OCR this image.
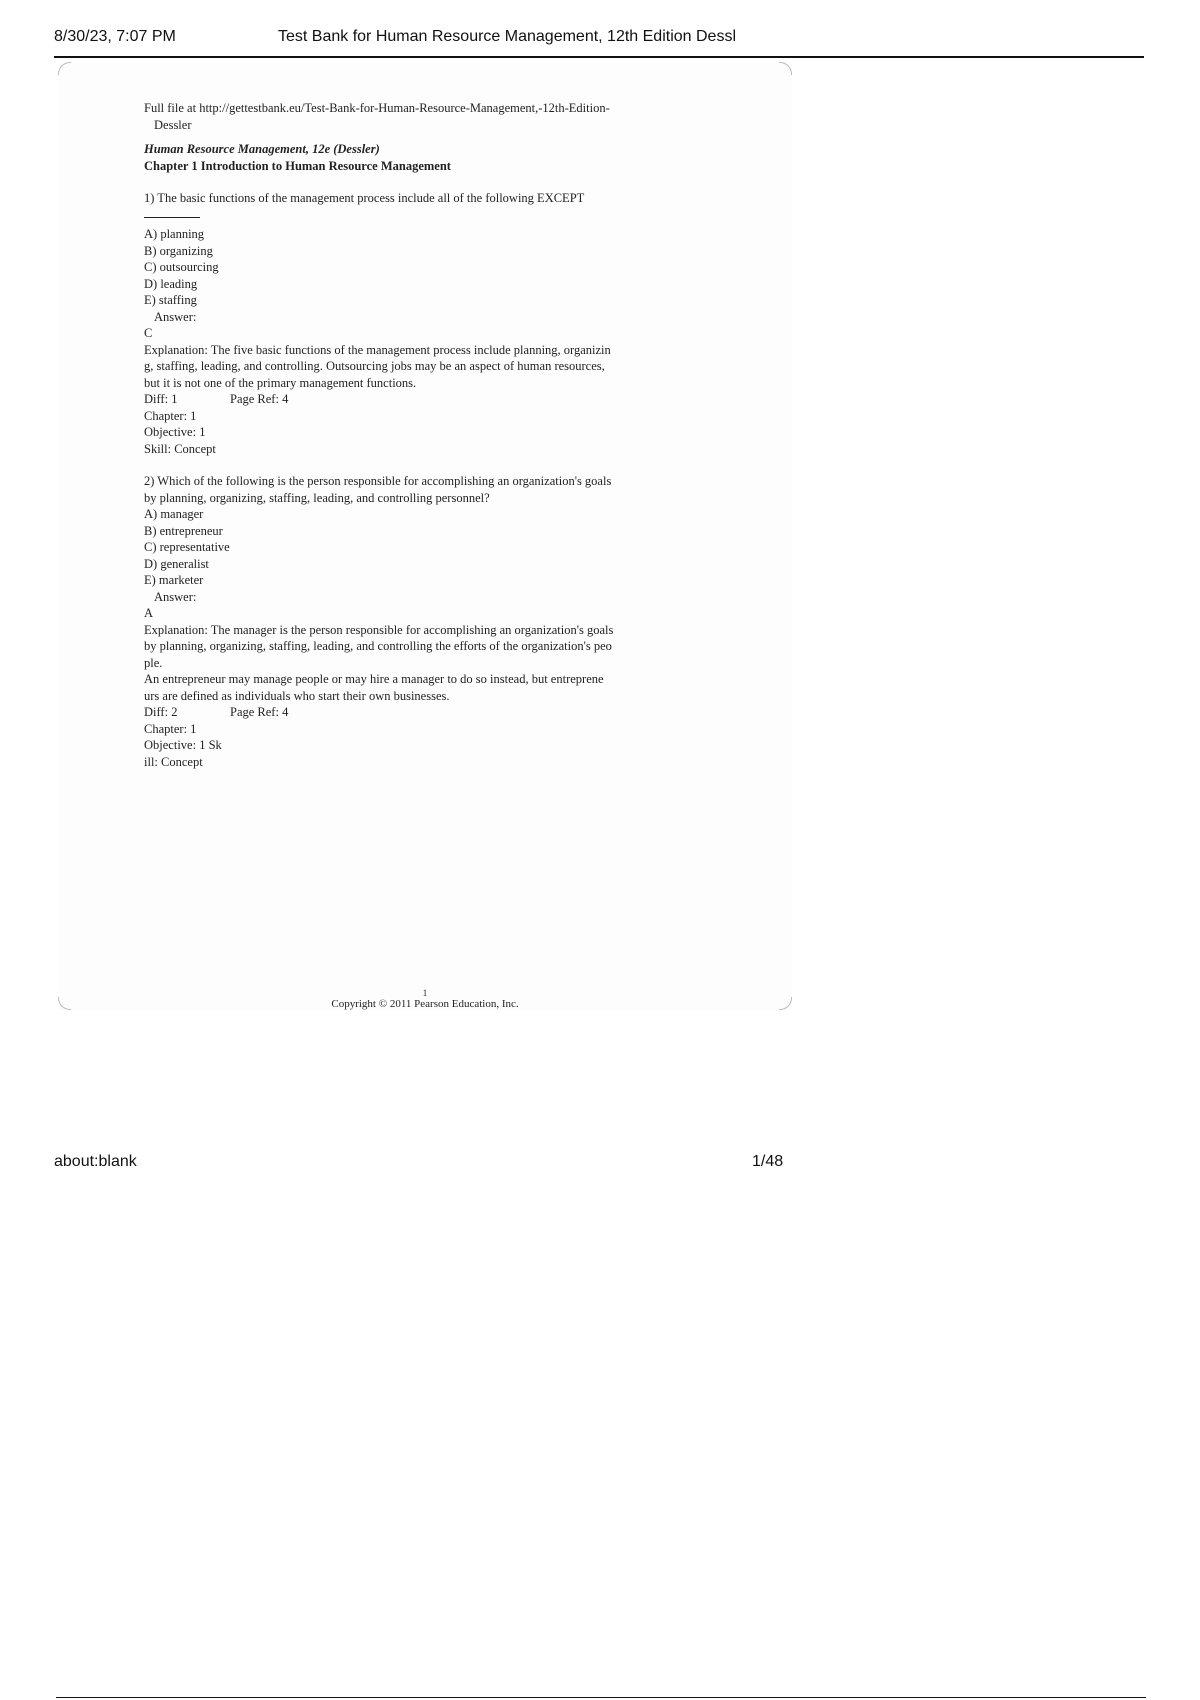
8/30/23, 7:07 PM	Test Bank for Human Resource Management, 12th Edition Dessl
Full file at http://gettestbank.eu/Test-Bank-for-Human-Resource-Management,-12th-Edition-
Dessler
Human Resource Management, 12e (Dessler)
Chapter 1 Introduction to Human Resource Management
1) The basic functions of the management process include all of the following EXCEPT
A) planning
B) organizing
C) outsourcing
D) leading
E) staffing
Answer:
C
Explanation: The five basic functions of the management process include planning, organizin
g, staffing, leading, and controlling. Outsourcing jobs may be an aspect of human resources,
but it is not one of the primary management functions.
Diff: 1	Page Ref: 4
Chapter: 1
Objective: 1
Skill: Concept
2) Which of the following is the person responsible for accomplishing an organization's goals
by planning, organizing, staffing, leading, and controlling personnel?
A) manager
B) entrepreneur
C) representative
D) generalist
E) marketer
Answer:
A
Explanation: The manager is the person responsible for accomplishing an organization's goals
by planning, organizing, staffing, leading, and controlling the efforts of the organization's peo
ple.
An entrepreneur may manage people or may hire a manager to do so instead, but entreprene
urs are defined as individuals who start their own businesses.
Diff: 2	Page Ref: 4
Chapter: 1
Objective: 1 Sk
ill: Concept
1
Copyright © 2011 Pearson Education, Inc.
about:blank	1/48
